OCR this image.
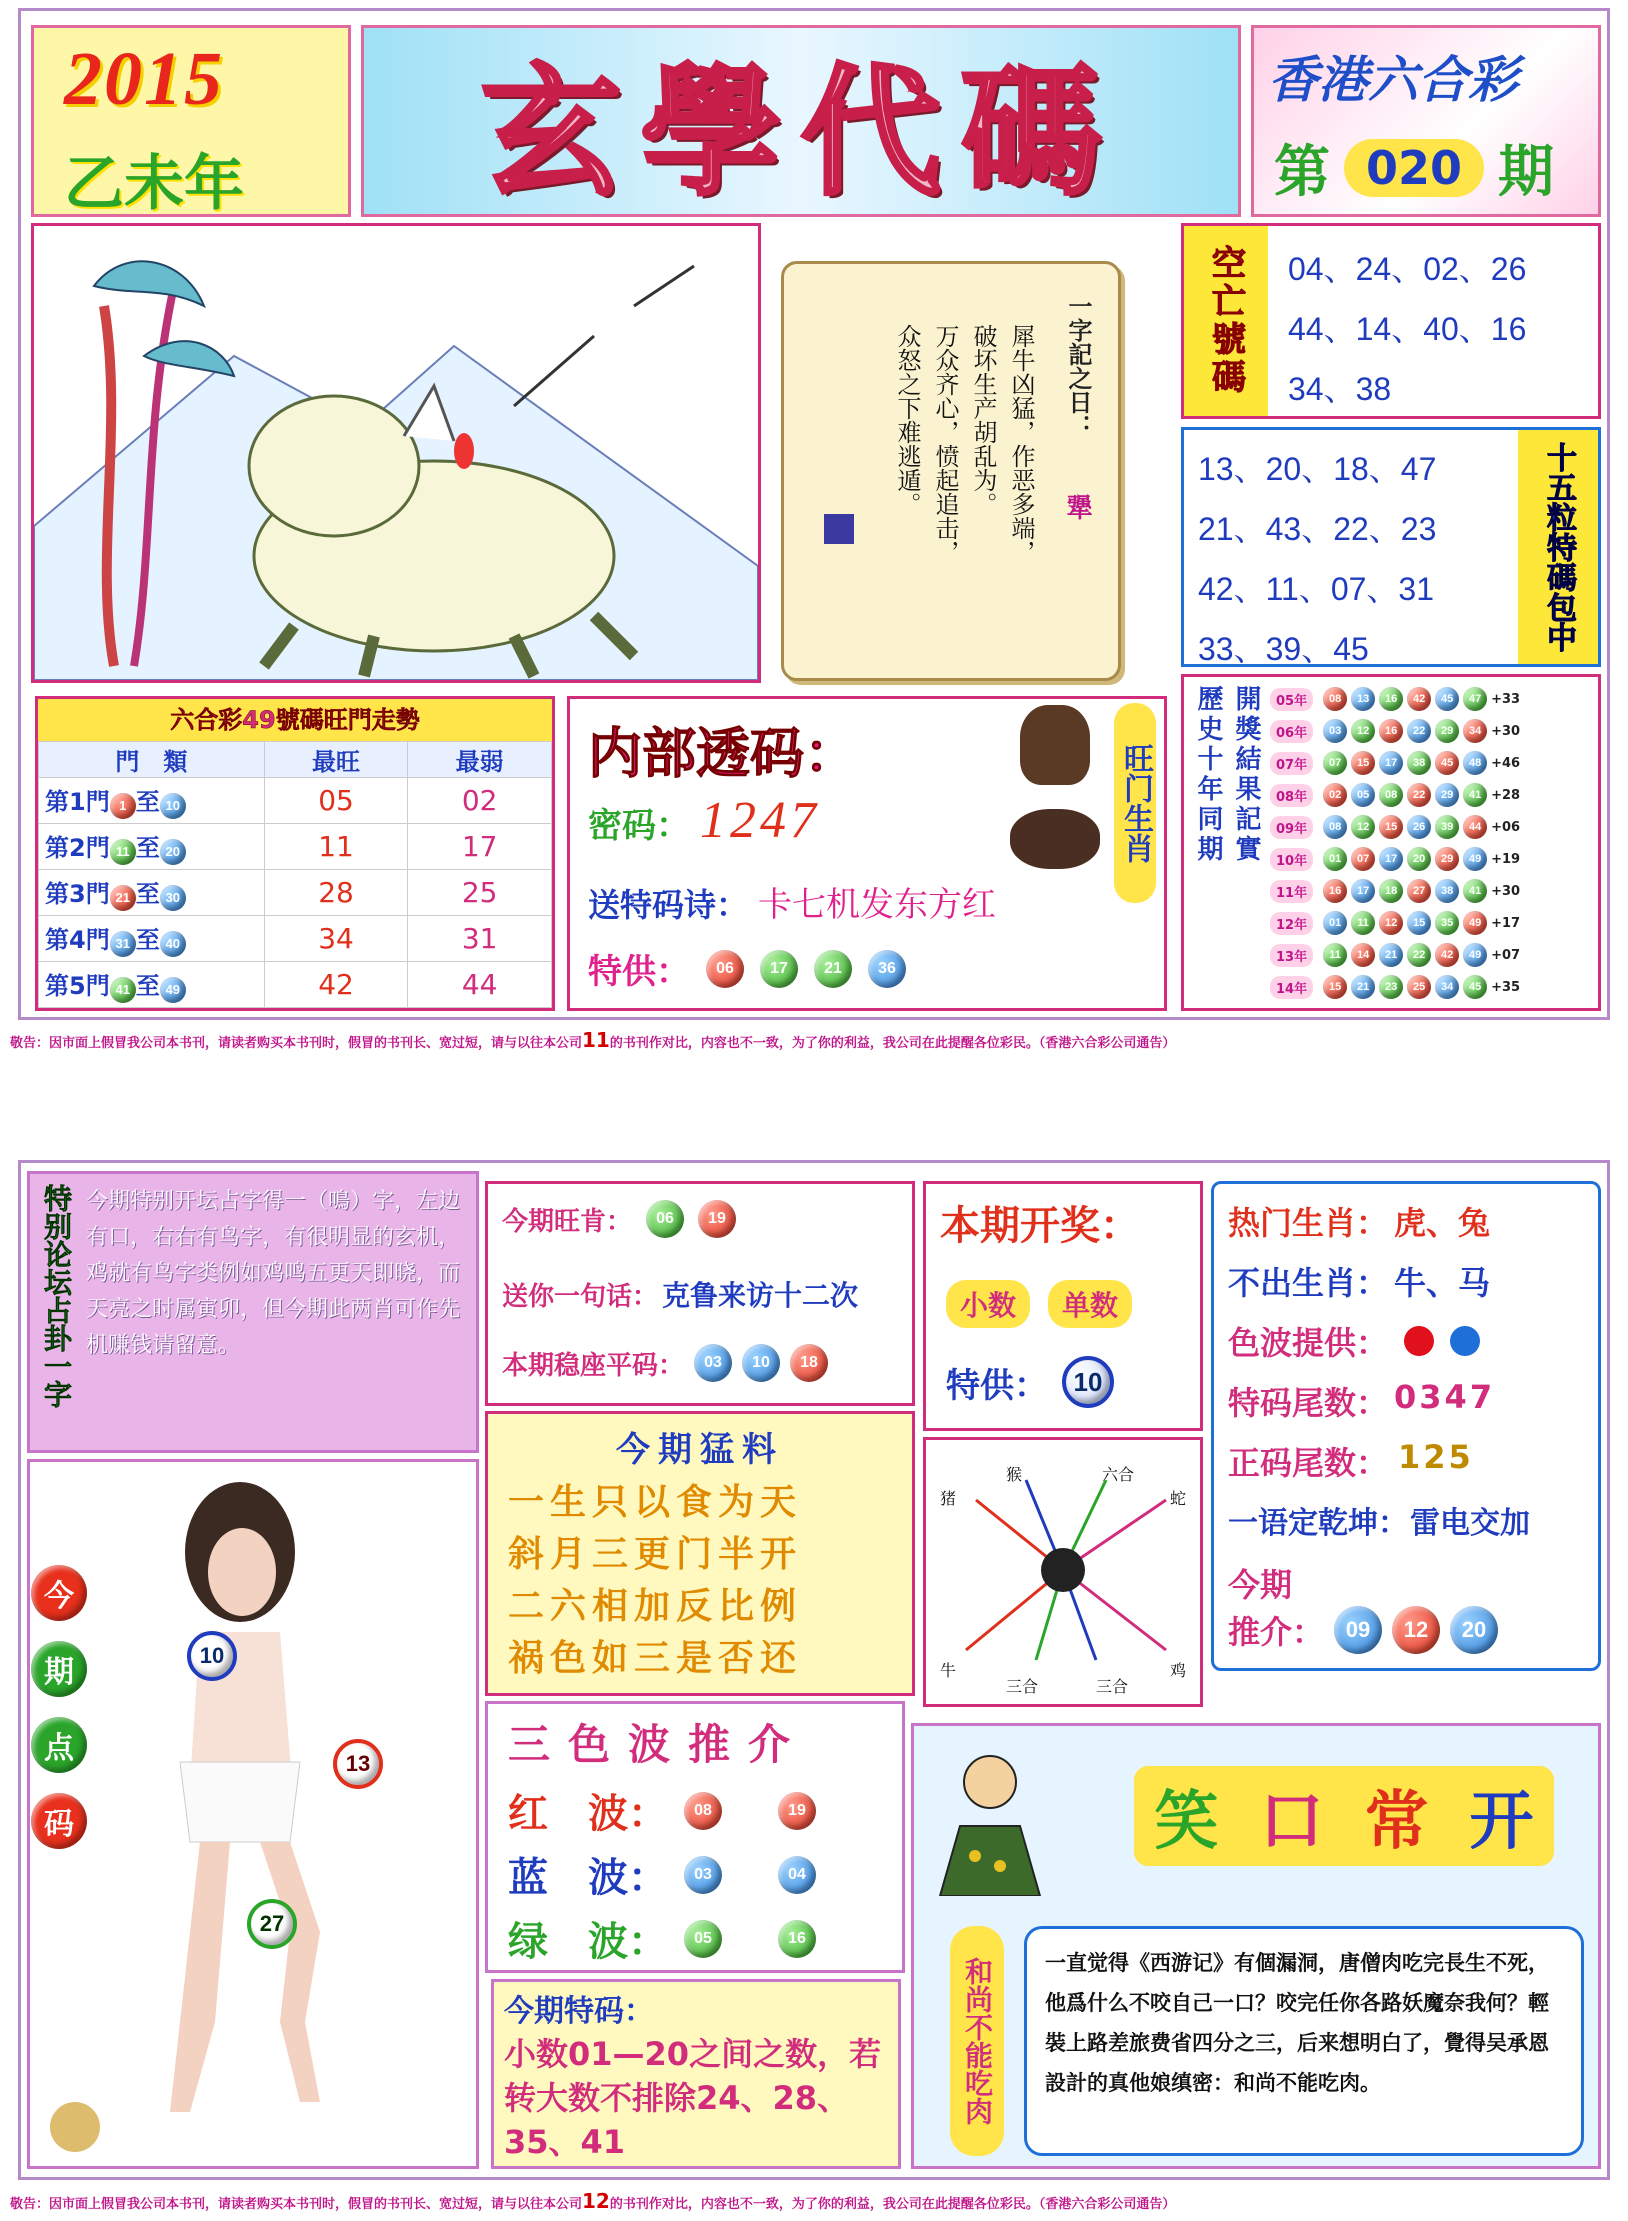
2015
乙未年 玄學代碼	香港六合彩
第 020 期
一字記之日：
犟
犀牛凶猛，作恶多端，
破坏生产胡乱为。
万众齐心，愤起追击，
众怒之下难逃遁。
空亡號碼	04、24、02、26
44、14、40、16
34、38
13、20、18、47
21、43、22、23
42、11、07、31
33、39、45	十五粒特碼包中
六合彩49號碼旺門走勢
門　類	最旺	最弱
第1門 1 至 10	05	02
第2門 11 至 20	11	17
第3門 21 至 30	28	25
第4門 31 至 40	34	31
第5門 41 至 49	42	44
内部透码：
密码： 1247
送特码诗： 卡七机发东方红
特供：	06	17	21	36
旺门生肖 歷史十年同期 開獎結果記實	05年	08	13	16	42	45	47 +33
06年	03	12	16	22	29	34 +30
07年	07	15	17	38	45	48 +46
08年	02	05	08	22	29	41 +28
09年	08	12	15	26	39	44 +06
10年	01	07	17	20	29	49 +19
11年	16	17	18	27	38	41 +30
12年	01	11	12	15	35	49 +17
13年	11	14	21	22	42	49 +07
14年	15	21	23	25	34	45 +35
敬告：因市面上假冒我公司本书刊，请读者购买本书刊时，假冒的书刊长、宽过短，请与以往本公司11的书刊作对比，内容也不一致，为了你的利益，我公司在此提醒各位彩民。（香港六合彩公司通告）
特别论坛占卦一字 今期特别开坛占字得一（鳴）字，左边有口，右右有鸟字，有很明显的玄机，鸡就有鸟字类例如鸡鸣五更天即晓，而天亮之时属寅卯，但今期此两肖可作先机赚钱请留意。
今期旺肯：	06	19
送你一句话： 克鲁来访十二次
本期稳座平码：	03	10	18
本期开奖：
小数	单数
特供： 10
猪
猴	六合
蛇
牛
三合	三合
鸡
热门生肖： 虎、兔
不出生肖： 牛、马
色波提供：
特码尾数： 0347
正码尾数： 125
一语定乾坤： 雷电交加
今期
推介： 09	12	20
今期猛料
一生只以食为天
斜月三更门半开
二六相加反比例
祸色如三是否还
今
期
点
码
10
13
27
三色波推介
红　波：	08	19
蓝　波：	03	04
绿　波：	05	16
今期特码：
小数01—20之间之数，若转大数不排除24、28、35、41
笑 口 常 开
和尚不能吃肉	一直觉得《西游记》有個漏洞，唐僧肉吃完長生不死，他爲什么不咬自己一口？咬完任你各路妖魔奈我何？輕裝上路差旅费省四分之三，后来想明白了，覺得吴承恩設計的真他娘缜密：和尚不能吃肉。
敬告：因市面上假冒我公司本书刊，请读者购买本书刊时，假冒的书刊长、宽过短，请与以往本公司12的书刊作对比，内容也不一致，为了你的利益，我公司在此提醒各位彩民。（香港六合彩公司通告）
